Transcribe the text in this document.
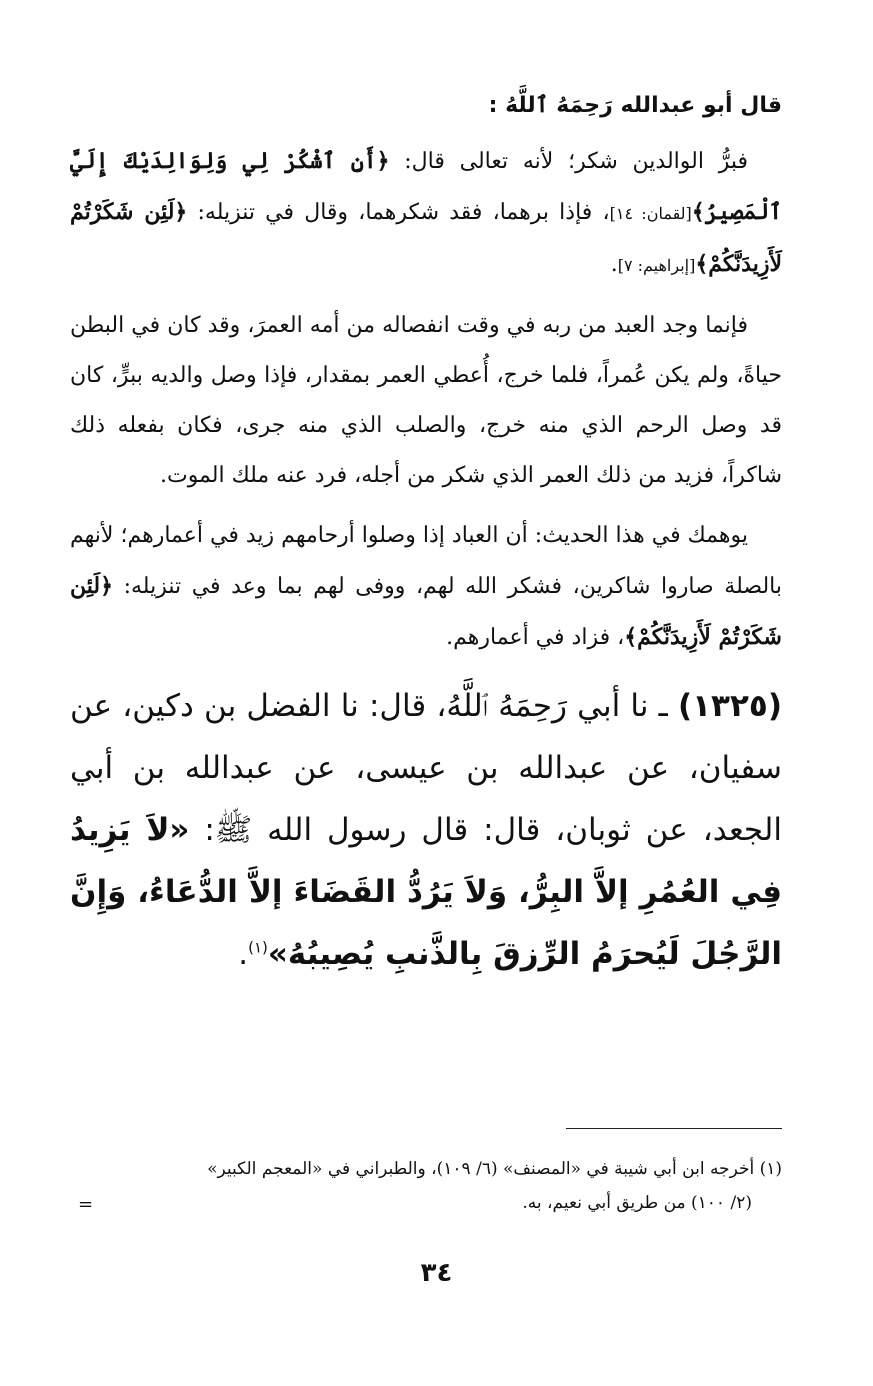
قال أبو عبدالله رَحِمَهُ ٱللَّهُ :

فبرُّ الوالدين شكر؛ لأنه تعالى قال: ﴿أَنِ ٱشْكُرْ لِي وَلِوَالِدَيْكَ إِلَيَّ ٱلْمَصِيرُ﴾[لقمان: ١٤]، فإذا برهما، فقد شكرهما، وقال في تنزيله: ﴿لَئِن شَكَرْتُمْ لَأَزِيدَنَّكُمْ﴾[إبراهيم: ٧].

فإنما وجد العبد من ربه في وقت انفصاله من أمه العمرَ، وقد كان في البطن حياةً، ولم يكن عُمراً، فلما خرج، أُعطي العمر بمقدار، فإذا وصل والديه ببرٍّ، كان قد وصل الرحم الذي منه خرج، والصلب الذي منه جرى، فكان بفعله ذلك شاكراً، فزيد من ذلك العمر الذي شكر من أجله، فرد عنه ملك الموت.

يوهمك في هذا الحديث: أن العباد إذا وصلوا أرحامهم زيد في أعمارهم؛ لأنهم بالصلة صاروا شاكرين، فشكر الله لهم، ووفى لهم بما وعد في تنزيله: ﴿لَئِن شَكَرْتُمْ لَأَزِيدَنَّكُمْ﴾، فزاد في أعمارهم.

(١٣٢٥) ـ نا أبي رَحِمَهُ ٱللَّهُ، قال: نا الفضل بن دكين، عن سفيان، عن عبدالله بن عيسى، عن عبدالله بن أبي الجعد، عن ثوبان، قال: قال رسول الله ﷺ: «لاَ يَزِيدُ فِي العُمُرِ إلاَّ البِرُّ، وَلاَ يَرُدُّ القَضَاءَ إلاَّ الدُّعَاءُ، وَإِنَّ الرَّجُلَ لَيُحرَمُ الرِّزقَ بِالذَّنبِ يُصِيبُهُ»$^{(١)}$.

(١) أخرجه ابن أبي شيبة في «المصنف» (٦/ ١٠٩)، والطبراني في «المعجم الكبير»
(٢/ ١٠٠) من طريق أبي نعيم، به.
=
٣٤
